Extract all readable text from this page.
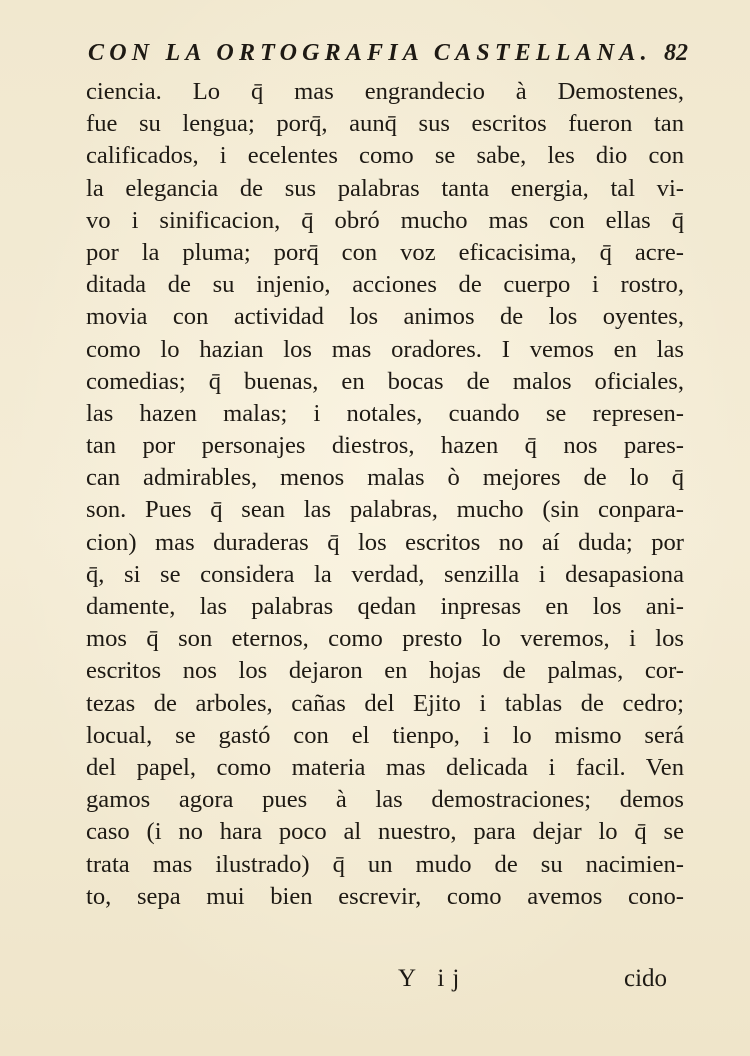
CON LA ORTOGRAFIA CASTELLANA. 82
ciencia. Lo q̄ mas engrandecio à Demostenes,
fue su lengua; porq̄, aunq̄ sus escritos fueron tan
calificados, i ecelentes como se sabe, les dio con
la elegancia de sus palabras tanta energia, tal vi-
vo i sinificacion, q̄ obró mucho mas con ellas q̄
por la pluma; porq̄ con voz eficacisima, q̄ acre-
ditada de su injenio, acciones de cuerpo i rostro,
movia con actividad los animos de los oyentes,
como lo hazian los mas oradores. I vemos en las
comedias; q̄ buenas, en bocas de malos oficiales,
las hazen malas; i notales, cuando se represen-
tan por personajes diestros, hazen q̄ nos pares-
can admirables, menos malas ò mejores de lo q̄
son. Pues q̄ sean las palabras, mucho (sin conpara-
cion) mas duraderas q̄ los escritos no aí duda; por
q̄, si se considera la verdad, senzilla i desapasiona
damente, las palabras qedan inpresas en los ani-
mos q̄ son eternos, como presto lo veremos, i los
escritos nos los dejaron en hojas de palmas, cor-
tezas de arboles, cañas del Ejito i tablas de cedro;
locual, se gastó con el tienpo, i lo mismo será
del papel, como materia mas delicada i facil. Ven
gamos agora pues à las demostraciones; demos
caso (i no hara poco al nuestro, para dejar lo q̄ se
trata mas ilustrado) q̄ un mudo de su nacimien-
to, sepa mui bien escrevir, como avemos cono-
Y ij	cido
